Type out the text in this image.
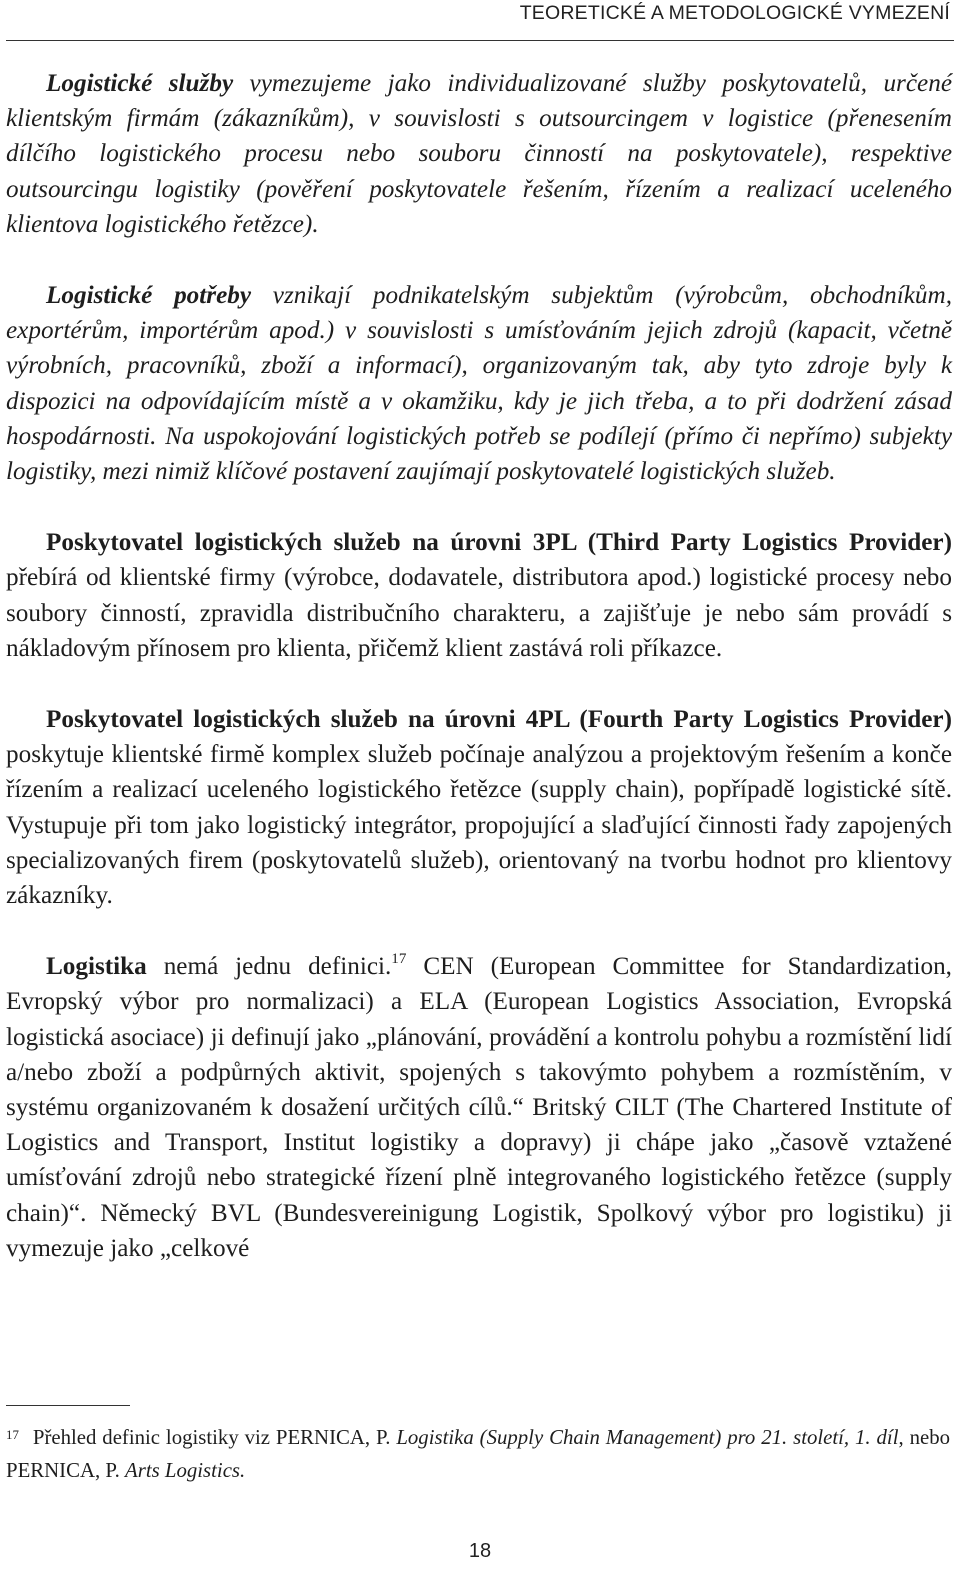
TEORETICKÉ A METODOLOGICKÉ VYMEZENÍ

Logistické služby vymezujeme jako individualizované služby poskytovatelů, určené klientským firmám (zákazníkům), v souvislosti s outsourcingem v logistice (přenesením dílčího logistického procesu nebo souboru činností na poskytovatele), respektive outsourcingu logistiky (pověření poskytovatele řešením, řízením a realizací uceleného klientova logistického řetězce).

Logistické potřeby vznikají podnikatelským subjektům (výrobcům, obchodníkům, exportérům, importérům apod.) v souvislosti s umísťováním jejich zdrojů (kapacit, včetně výrobních, pracovníků, zboží a informací), organizovaným tak, aby tyto zdroje byly k dispozici na odpovídajícím místě a v okamžiku, kdy je jich třeba, a to při dodržení zásad hospodárnosti. Na uspokojování logistických potřeb se podílejí (přímo či nepřímo) subjekty logistiky, mezi nimiž klíčové postavení zaujímají poskytovatelé logistických služeb.

Poskytovatel logistických služeb na úrovni 3PL (Third Party Logistics Provider) přebírá od klientské firmy (výrobce, dodavatele, distributora apod.) logistické procesy nebo soubory činností, zpravidla distribučního charakteru, a zajišťuje je nebo sám provádí s nákladovým přínosem pro klienta, přičemž klient zastává roli příkazce.

Poskytovatel logistických služeb na úrovni 4PL (Fourth Party Logistics Provider) poskytuje klientské firmě komplex služeb počínaje analýzou a projektovým řešením a konče řízením a realizací uceleného logistického řetězce (supply chain), popřípadě logistické sítě. Vystupuje při tom jako logistický integrátor, propojující a slaďující činnosti řady zapojených specializovaných firem (poskytovatelů služeb), orientovaný na tvorbu hodnot pro klientovy zákazníky.

Logistika nemá jednu definici.$^{17}$ CEN (European Committee for Standardization, Evropský výbor pro normalizaci) a ELA (European Logistics Association, Evropská logistická asociace) ji definují jako „plánování, provádění a kontrolu pohybu a rozmístění lidí a/nebo zboží a podpůrných aktivit, spojených s takovýmto pohybem a rozmístěním, v systému organizovaném k dosažení určitých cílů.“ Britský CILT (The Chartered Institute of Logistics and Transport, Institut logistiky a dopravy) ji chápe jako „časově vztažené umísťování zdrojů nebo strategické řízení plně integrovaného logistického řetězce (supply chain)“. Německý BVL (Bundesvereinigung Logistik, Spolkový výbor pro logistiku) ji vymezuje jako „celkové

$^{17}$ Přehled definic logistiky viz PERNICA, P. Logistika (Supply Chain Management) pro 21. století, 1. díl, nebo PERNICA, P. Arts Logistics.
18
